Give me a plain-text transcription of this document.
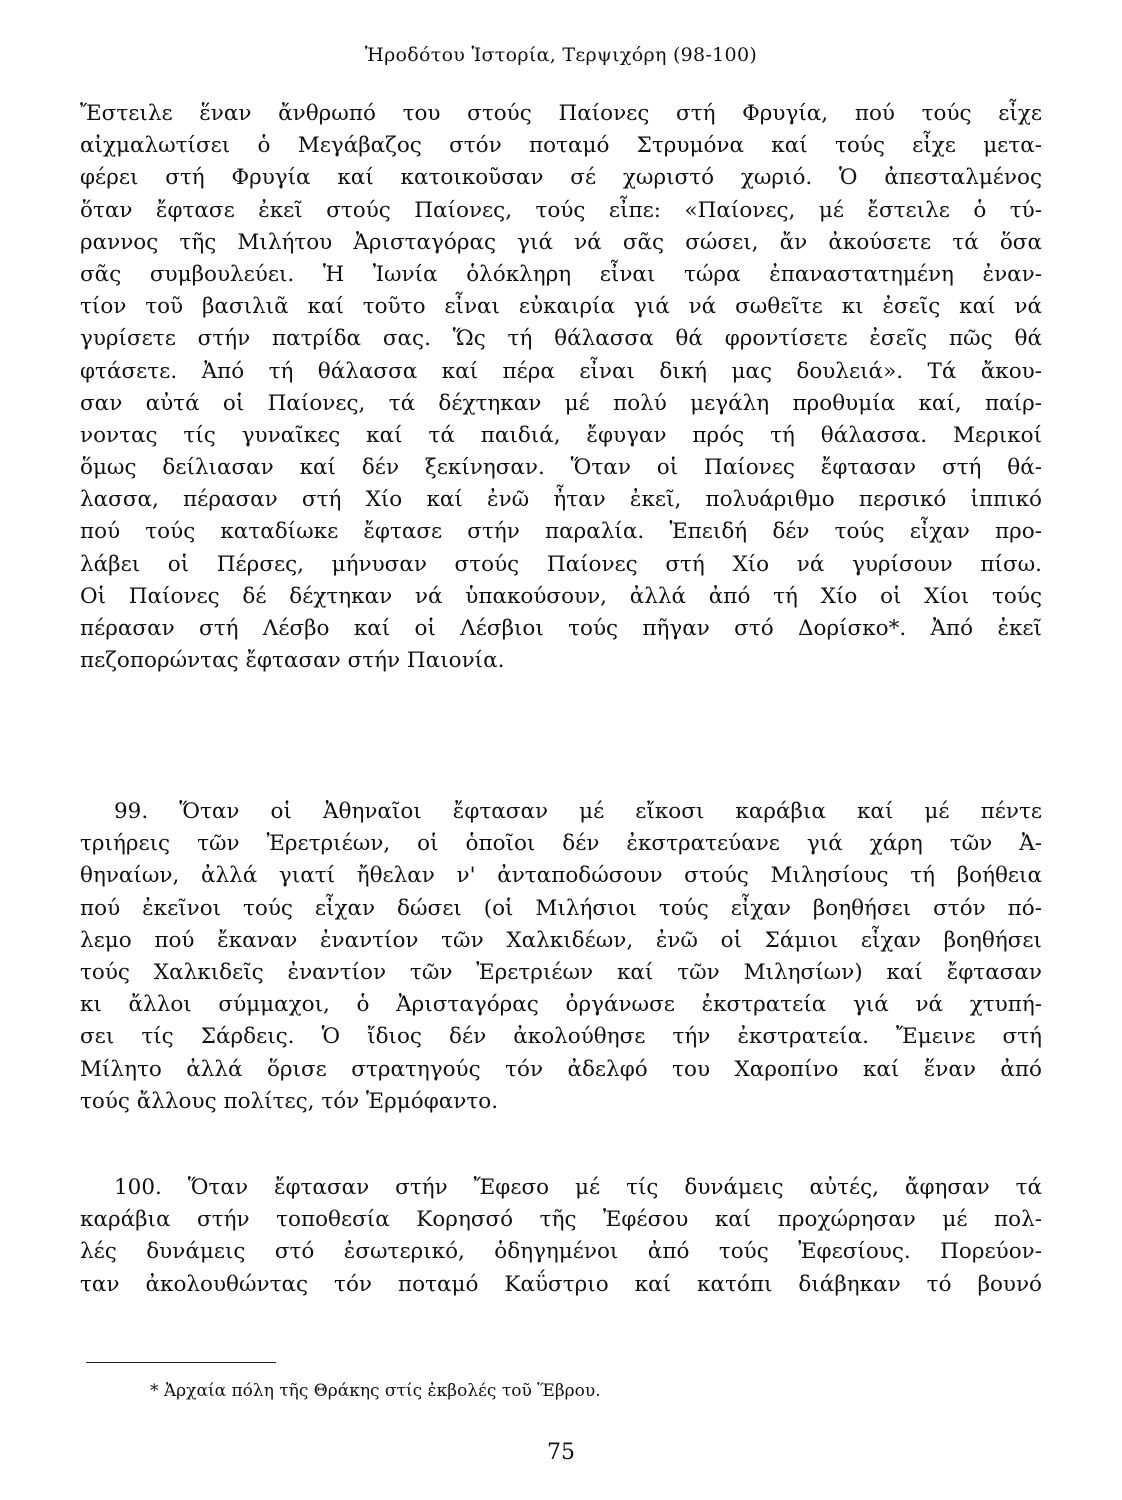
Ἡροδότου Ἱστορία, Τερψιχόρη (98-100)
Ἔστειλε ἕναν ἄνθρωπό του στούς Παίονες στή Φρυγία, πού τούς εἶχε
αἰχμαλωτίσει ὁ Μεγάβαζος στόν ποταμό Στρυμόνα καί τούς εἶχε μετα-
φέρει στή Φρυγία καί κατοικοῦσαν σέ χωριστό χωριό. Ὁ ἀπεσταλμένος
ὅταν ἔφτασε ἐκεῖ στούς Παίονες, τούς εἶπε: «Παίονες, μέ ἔστειλε ὁ τύ-
ραννος τῆς Μιλήτου Ἀρισταγόρας γιά νά σᾶς σώσει, ἄν ἀκούσετε τά ὅσα
σᾶς συμβουλεύει. Ἡ Ἰωνία ὁλόκληρη εἶναι τώρα ἐπαναστατημένη ἐναν-
τίον τοῦ βασιλιᾶ καί τοῦτο εἶναι εὐκαιρία γιά νά σωθεῖτε κι ἐσεῖς καί νά
γυρίσετε στήν πατρίδα σας. Ὥς τή θάλασσα θά φροντίσετε ἐσεῖς πῶς θά
φτάσετε. Ἀπό τή θάλασσα καί πέρα εἶναι δική μας δουλειά». Τά ἄκου-
σαν αὐτά οἱ Παίονες, τά δέχτηκαν μέ πολύ μεγάλη προθυμία καί, παίρ-
νοντας τίς γυναῖκες καί τά παιδιά, ἔφυγαν πρός τή θάλασσα. Μερικοί
ὅμως δείλιασαν καί δέν ξεκίνησαν. Ὅταν οἱ Παίονες ἔφτασαν στή θά-
λασσα, πέρασαν στή Χίο καί ἐνῶ ἦταν ἐκεῖ, πολυάριθμο περσικό ἱππικό
πού τούς καταδίωκε ἔφτασε στήν παραλία. Ἐπειδή δέν τούς εἶχαν προ-
λάβει οἱ Πέρσες, μήνυσαν στούς Παίονες στή Χίο νά γυρίσουν πίσω.
Οἱ Παίονες δέ δέχτηκαν νά ὑπακούσουν, ἀλλά ἀπό τή Χίο οἱ Χίοι τούς
πέρασαν στή Λέσβο καί οἱ Λέσβιοι τούς πῆγαν στό Δορίσκο*. Ἀπό ἐκεῖ
πεζοπορώντας ἔφτασαν στήν Παιονία.
99. Ὅταν οἱ Ἀθηναῖοι ἔφτασαν μέ εἴκοσι καράβια καί μέ πέντε
τριήρεις τῶν Ἐρετριέων, οἱ ὁποῖοι δέν ἐκστρατεύανε γιά χάρη τῶν Ἀ-
θηναίων, ἀλλά γιατί ἤθελαν ν' ἀνταποδώσουν στούς Μιλησίους τή βοήθεια
πού ἐκεῖνοι τούς εἶχαν δώσει (οἱ Μιλήσιοι τούς εἶχαν βοηθήσει στόν πό-
λεμο πού ἔκαναν ἐναντίον τῶν Χαλκιδέων, ἐνῶ οἱ Σάμιοι εἶχαν βοηθήσει
τούς Χαλκιδεῖς ἐναντίον τῶν Ἐρετριέων καί τῶν Μιλησίων) καί ἔφτασαν
κι ἄλλοι σύμμαχοι, ὁ Ἀρισταγόρας ὀργάνωσε ἐκστρατεία γιά νά χτυπή-
σει τίς Σάρδεις. Ὁ ἴδιος δέν ἀκολούθησε τήν ἐκστρατεία. Ἔμεινε στή
Μίλητο ἀλλά ὅρισε στρατηγούς τόν ἀδελφό του Χαροπίνο καί ἕναν ἀπό
τούς ἄλλους πολίτες, τόν Ἑρμόφαντο.
100. Ὅταν ἔφτασαν στήν Ἔφεσο μέ τίς δυνάμεις αὐτές, ἄφησαν τά
καράβια στήν τοποθεσία Κορησσό τῆς Ἐφέσου καί προχώρησαν μέ πολ-
λές δυνάμεις στό ἐσωτερικό, ὁδηγημένοι ἀπό τούς Ἐφεσίους. Πορεύον-
ταν ἀκολουθώντας τόν ποταμό Καΰστριο καί κατόπι διάβηκαν τό βουνό
* Ἀρχαία πόλη τῆς Θράκης στίς ἐκβολές τοῦ Ἕβρου.
75
